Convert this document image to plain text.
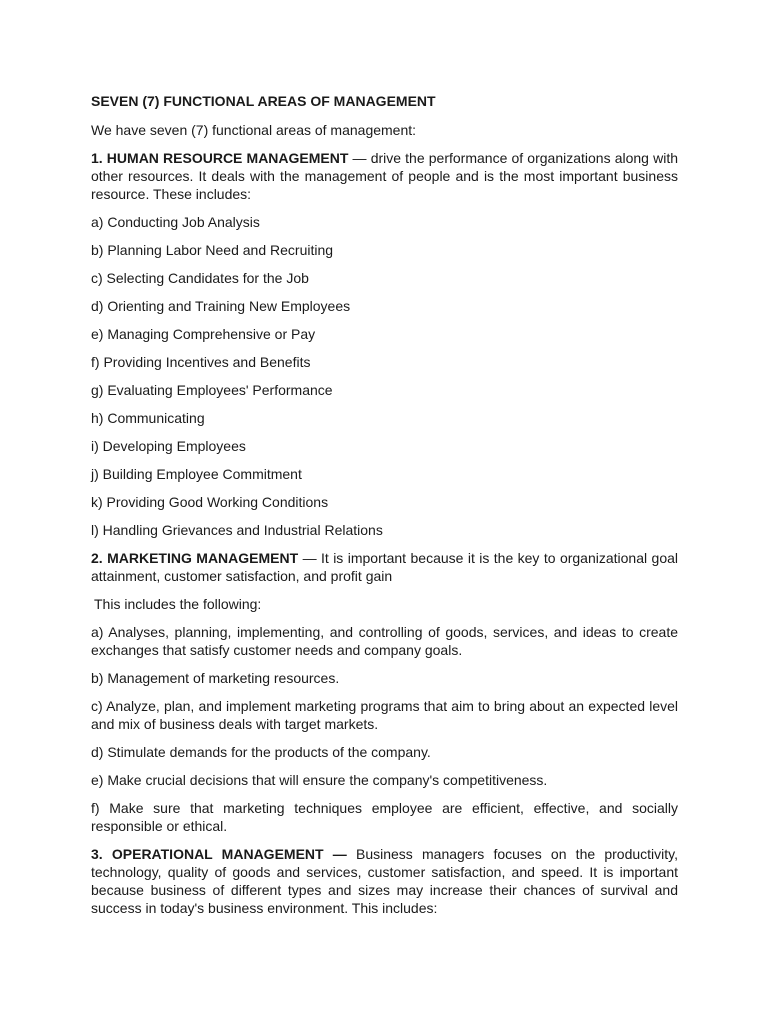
SEVEN (7) FUNCTIONAL AREAS OF MANAGEMENT

We have seven (7) functional areas of management:

1. HUMAN RESOURCE MANAGEMENT — drive the performance of organizations along with other resources. It deals with the management of people and is the most important business resource. These includes:

a) Conducting Job Analysis

b) Planning Labor Need and Recruiting

c) Selecting Candidates for the Job

d) Orienting and Training New Employees

e) Managing Comprehensive or Pay

f) Providing Incentives and Benefits

g) Evaluating Employees' Performance

h) Communicating

i) Developing Employees

j) Building Employee Commitment

k) Providing Good Working Conditions

l) Handling Grievances and Industrial Relations

2. MARKETING MANAGEMENT — It is important because it is the key to organizational goal attainment, customer satisfaction, and profit gain

This includes the following:

a) Analyses, planning, implementing, and controlling of goods, services, and ideas to create exchanges that satisfy customer needs and company goals.

b) Management of marketing resources.

c) Analyze, plan, and implement marketing programs that aim to bring about an expected level and mix of business deals with target markets.

d) Stimulate demands for the products of the company.

e) Make crucial decisions that will ensure the company's competitiveness.

f) Make sure that marketing techniques employee are efficient, effective, and socially responsible or ethical.

3. OPERATIONAL MANAGEMENT — Business managers focuses on the productivity, technology, quality of goods and services, customer satisfaction, and speed. It is important because business of different types and sizes may increase their chances of survival and success in today's business environment. This includes:
